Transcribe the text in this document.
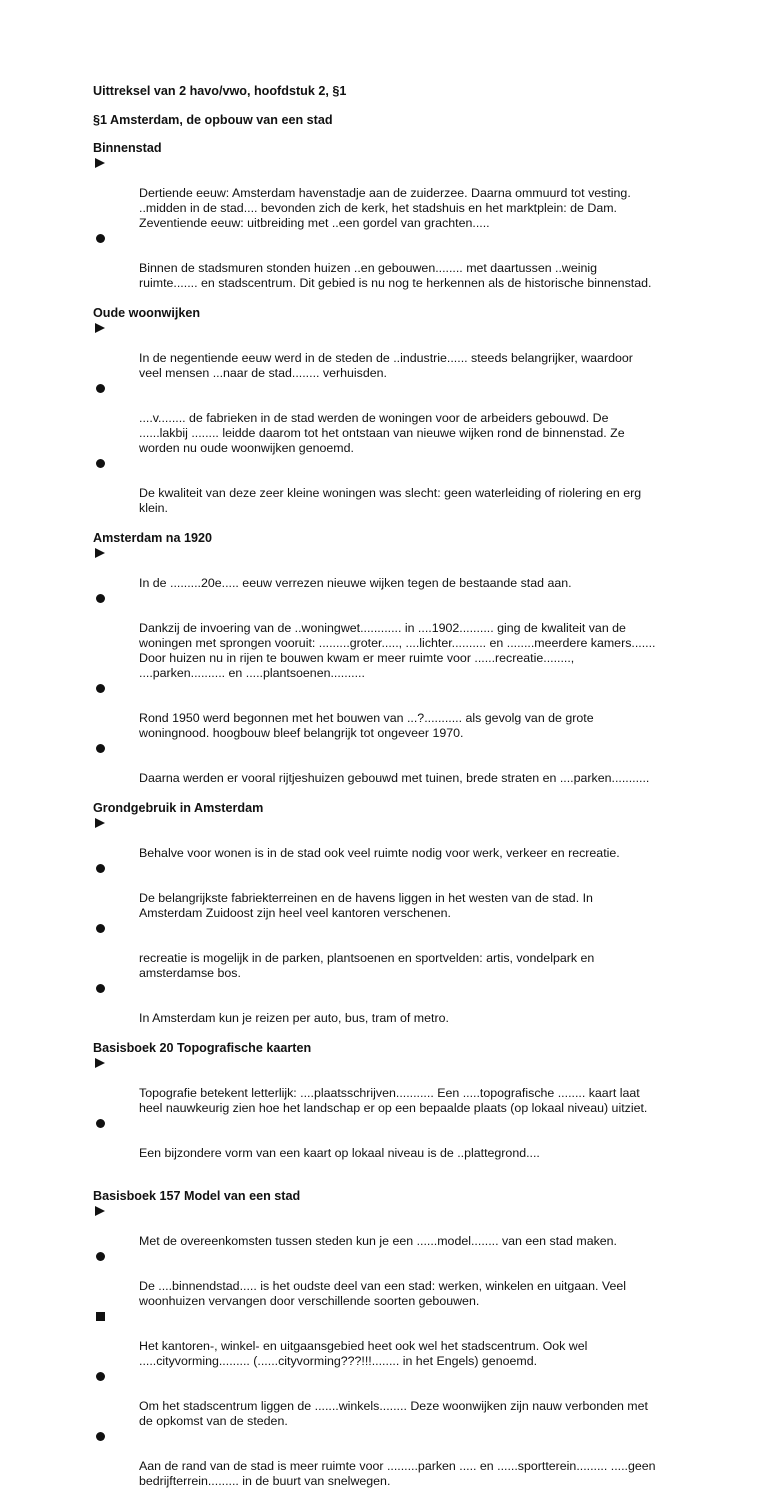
Uittreksel van 2 havo/vwo, hoofdstuk 2, §1
§1 Amsterdam, de opbouw van een stad
Binnenstad

Dertiende eeuw: Amsterdam havenstadje aan de zuiderzee. Daarna ommuurd tot vesting.
..midden in de stad.... bevonden zich de kerk, het stadshuis en het marktplein: de Dam.
Zeventiende eeuw: uitbreiding met ..een gordel van grachten.....

Binnen de stadsmuren stonden huizen ..en gebouwen........ met daartussen ..weinig
ruimte....... en stadscentrum. Dit gebied is nu nog te herkennen als de historische binnenstad.

Oude woonwijken

In de negentiende eeuw werd in de steden de ..industrie...... steeds belangrijker, waardoor
veel mensen ...naar de stad........ verhuisden.

....v........ de fabrieken in de stad werden de woningen voor de arbeiders gebouwd. De
......lakbij ........ leidde daarom tot het ontstaan van nieuwe wijken rond de binnenstad. Ze
worden nu oude woonwijken genoemd.

De kwaliteit van deze zeer kleine woningen was slecht: geen waterleiding of riolering en erg
klein.

Amsterdam na 1920

In de .........20e..... eeuw verrezen nieuwe wijken tegen de bestaande stad aan.

Dankzij de invoering van de ..woningwet............ in ....1902.......... ging de kwaliteit van de
woningen met sprongen vooruit: .........groter....., ....lichter.......... en ........meerdere kamers.......
Door huizen nu in rijen te bouwen kwam er meer ruimte voor ......recreatie........,
....parken.......... en .....plantsoenen..........

Rond 1950 werd begonnen met het bouwen van ...?........... als gevolg van de grote
woningnood. hoogbouw bleef belangrijk tot ongeveer 1970.

Daarna werden er vooral rijtjeshuizen gebouwd met tuinen, brede straten en ....parken...........

Grondgebruik in Amsterdam

Behalve voor wonen is in de stad ook veel ruimte nodig voor werk, verkeer en recreatie.

De belangrijkste fabriekterreinen en de havens liggen in het westen van de stad. In
Amsterdam Zuidoost zijn heel veel kantoren verschenen.

recreatie is mogelijk in de parken, plantsoenen en sportvelden: artis, vondelpark en
amsterdamse bos.

In Amsterdam kun je reizen per auto, bus, tram of metro.

Basisboek 20 Topografische kaarten

Topografie betekent letterlijk: ....plaatsschrijven........... Een .....topografische ........ kaart laat
heel nauwkeurig zien hoe het landschap er op een bepaalde plaats (op lokaal niveau) uitziet.

Een bijzondere vorm van een kaart op lokaal niveau is de ..plattegrond....

Basisboek 157 Model van een stad

Met de overeenkomsten tussen steden kun je een ......model........ van een stad maken.

De ....binnendstad..... is het oudste deel van een stad: werken, winkelen en uitgaan. Veel
woonhuizen vervangen door verschillende soorten gebouwen.

Het kantoren-, winkel- en uitgaansgebied heet ook wel het stadscentrum. Ook wel
.....cityvorming......... (......cityvorming???!!!........ in het Engels) genoemd.

Om het stadscentrum liggen de .......winkels........ Deze woonwijken zijn nauw verbonden met
de opkomst van de steden.

Aan de rand van de stad is meer ruimte voor .........parken ..... en ......sportterein......... .....geen
bedrijfterrein......... in de buurt van snelwegen.
